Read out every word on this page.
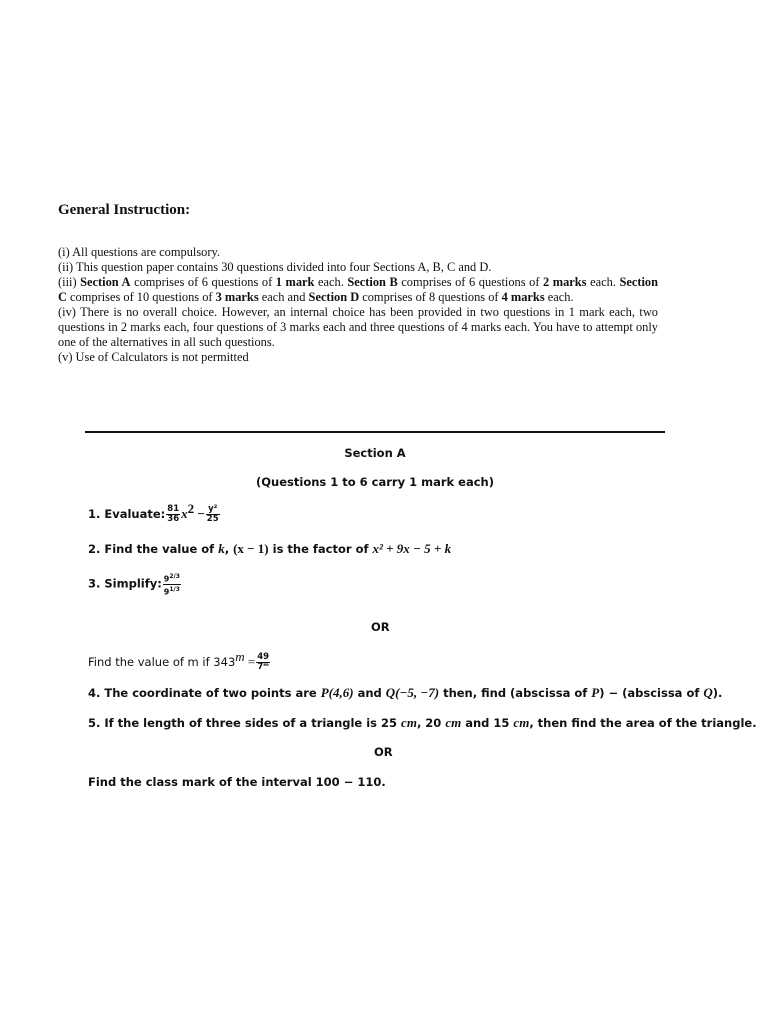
General Instruction:
(i) All questions are compulsory.
(ii) This question paper contains 30 questions divided into four Sections A, B, C and D.
(iii) Section A comprises of 6 questions of 1 mark each. Section B comprises of 6 questions of 2 marks each. Section C comprises of 10 questions of 3 marks each and Section D comprises of 8 questions of 4 marks each.
(iv) There is no overall choice. However, an internal choice has been provided in two questions in 1 mark each, two questions in 2 marks each, four questions of 3 marks each and three questions of 4 marks each. You have to attempt only one of the alternatives in all such questions.
(v) Use of Calculators is not permitted
Section A
(Questions 1 to 6 carry 1 mark each)
1. Evaluate: $\frac{81}{36} x^2 - \frac{\text{y²}}{25}$
2. Find the value of k, (x − 1) is the factor of x² + 9x − 5 + k
3. Simplify: $\frac{9^{2/3}}{9^{1/3}}$
OR
Find the value of m if $343^m = \frac{49}{\text{7ᵐ}}$
4. The coordinate of two points are P(4,6) and Q(−5, −7) then, find (abscissa of P) − (abscissa of Q).
5. If the length of three sides of a triangle is 25 cm, 20 cm and 15 cm, then find the area of the triangle.
OR
Find the class mark of the interval 100 − 110.
